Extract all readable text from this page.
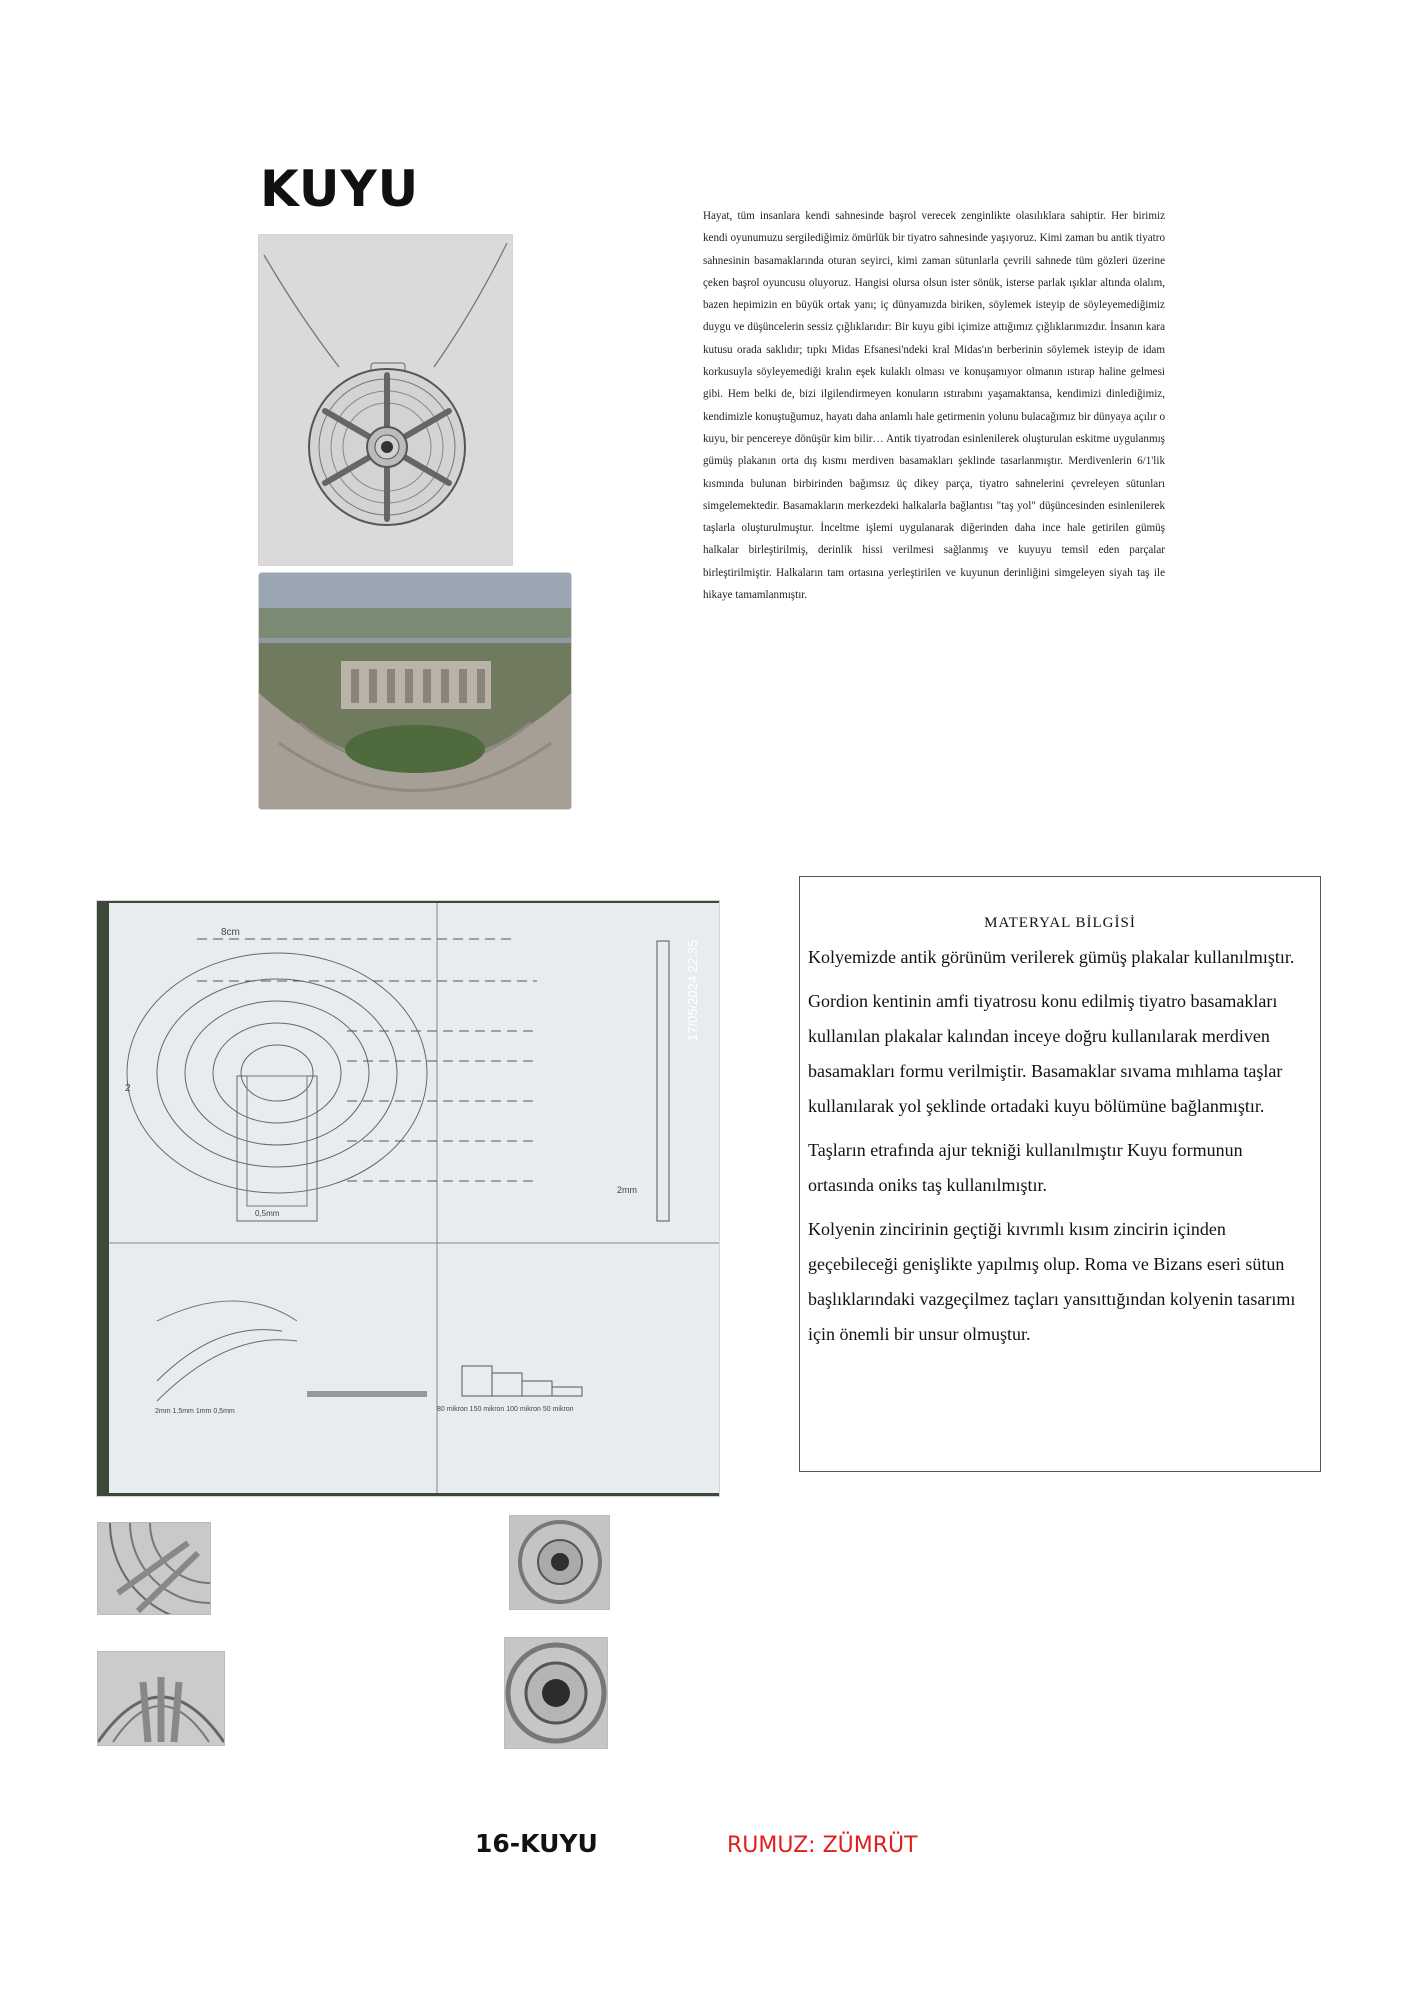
KUYU	Hayat, tüm insanlara kendi sahnesinde başrol verecek zenginlikte olasılıklara sahiptir. Her birimiz kendi oyunumuzu sergilediğimiz ömürlük bir tiyatro sahnesinde yaşıyoruz. Kimi zaman bu antik tiyatro sahnesinin basamaklarında oturan seyirci, kimi zaman sütunlarla çevrili sahnede tüm gözleri üzerine çeken başrol oyuncusu oluyoruz. Hangisi olursa olsun ister sönük, isterse parlak ışıklar altında olalım, bazen hepimizin en büyük ortak yanı; iç dünyamızda biriken, söylemek isteyip de söyleyemediğimiz duygu ve düşüncelerin sessiz çığlıklarıdır: Bir kuyu gibi içimize attığımız çığlıklarımızdır. İnsanın kara kutusu orada saklıdır; tıpkı Midas Efsanesi'ndeki kral Midas'ın berberinin söylemek isteyip de idam korkusuyla söyleyemediği kralın eşek kulaklı olması ve konuşamıyor olmanın ıstırap haline gelmesi gibi. Hem belki de, bizi ilgilendirmeyen konuların ıstırabını yaşamaktansa, kendimizi dinlediğimiz, kendimizle konuştuğumuz, hayatı daha anlamlı hale getirmenin yolunu bulacağımız bir dünyaya açılır o kuyu, bir pencereye dönüşür kim bilir… Antik tiyatrodan esinlenilerek oluşturulan eskitme uygulanmış gümüş plakanın orta dış kısmı merdiven basamakları şeklinde tasarlanmıştır. Merdivenlerin 6/1'lik kısmında bulunan birbirinden bağımsız üç dikey parça, tiyatro sahnelerini çevreleyen sütunları simgelemektedir. Basamakların merkezdeki halkalarla bağlantısı "taş yol" düşüncesinden esinlenilerek taşlarla oluşturulmuştur. İnceltme işlemi uygulanarak diğerinden daha ince hale getirilen gümüş halkalar birleştirilmiş, derinlik hissi verilmesi sağlanmış ve kuyuyu temsil eden parçalar birleştirilmiştir. Halkaların tam ortasına yerleştirilen ve kuyunun derinliğini simgeleyen siyah taş ile hikaye tamamlanmıştır.

8cm
2mm
0,5mm
2
2mm 1,5mm 1mm 0,5mm	80 mikron 150 mikron 100 mikron 50 mikron
17/05/2024 22:35
MATERYAL BİLGİSİ

Kolyemizde antik görünüm verilerek gümüş plakalar kullanılmıştır.

Gordion kentinin amfi tiyatrosu konu edilmiş tiyatro basamakları kullanılan plakalar kalından inceye doğru kullanılarak merdiven basamakları formu verilmiştir. Basamaklar sıvama mıhlama taşlar kullanılarak yol şeklinde ortadaki kuyu bölümüne bağlanmıştır.

Taşların etrafında ajur tekniği kullanılmıştır Kuyu formunun ortasında oniks taş kullanılmıştır.

Kolyenin zincirinin geçtiği kıvrımlı kısım zincirin içinden geçebileceği genişlikte yapılmış olup. Roma ve Bizans eseri sütun başlıklarındaki vazgeçilmez taçları yansıttığından kolyenin tasarımı için önemli bir unsur olmuştur.

16-KUYU	RUMUZ: ZÜMRÜT
